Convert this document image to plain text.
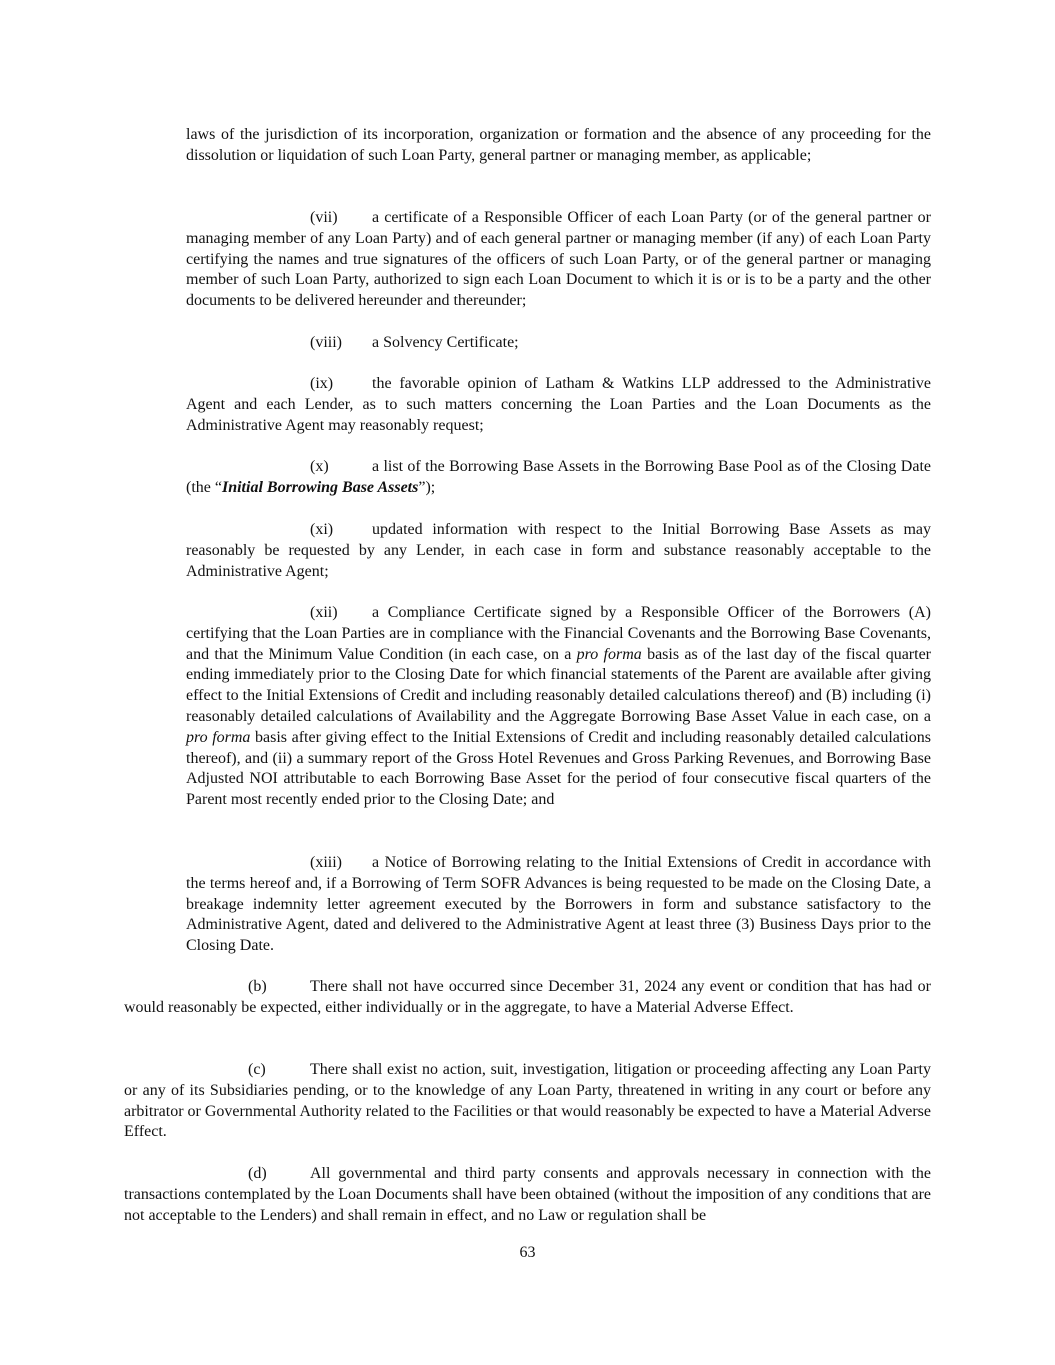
laws of the jurisdiction of its incorporation, organization or formation and the absence of any proceeding for the dissolution or liquidation of such Loan Party, general partner or managing member, as applicable;

(vii) a certificate of a Responsible Officer of each Loan Party (or of the general partner or managing member of any Loan Party) and of each general partner or managing member (if any) of each Loan Party certifying the names and true signatures of the officers of such Loan Party, or of the general partner or managing member of such Loan Party, authorized to sign each Loan Document to which it is or is to be a party and the other documents to be delivered hereunder and thereunder;

(viii) a Solvency Certificate;

(ix) the favorable opinion of Latham & Watkins LLP addressed to the Administrative Agent and each Lender, as to such matters concerning the Loan Parties and the Loan Documents as the Administrative Agent may reasonably request;

(x)	a list of the Borrowing Base Assets in the Borrowing Base Pool as of the Closing Date (the “Initial Borrowing Base Assets”);

(xi) updated information with respect to the Initial Borrowing Base Assets as may reasonably be requested by any Lender, in each case in form and substance reasonably acceptable to the Administrative Agent;

(xii) a Compliance Certificate signed by a Responsible Officer of the Borrowers (A) certifying that the Loan Parties are in compliance with the Financial Covenants and the Borrowing Base Covenants, and that the Minimum Value Condition (in each case, on a pro forma basis as of the last day of the fiscal quarter ending immediately prior to the Closing Date for which financial statements of the Parent are available after giving effect to the Initial Extensions of Credit and including reasonably detailed calculations thereof) and (B) including (i) reasonably detailed calculations of Availability and the Aggregate Borrowing Base Asset Value in each case, on a pro forma basis after giving effect to the Initial Extensions of Credit and including reasonably detailed calculations thereof), and (ii) a summary report of the Gross Hotel Revenues and Gross Parking Revenues, and Borrowing Base Adjusted NOI attributable to each Borrowing Base Asset for the period of four consecutive fiscal quarters of the Parent most recently ended prior to the Closing Date; and

(xiii) a Notice of Borrowing relating to the Initial Extensions of Credit in accordance with the terms hereof and, if a Borrowing of Term SOFR Advances is being requested to be made on the Closing Date, a breakage indemnity letter agreement executed by the Borrowers in form and substance satisfactory to the Administrative Agent, dated and delivered to the Administrative Agent at least three (3) Business Days prior to the Closing Date.

(b)	There shall not have occurred since December 31, 2024 any event or condition that has had or would reasonably be expected, either individually or in the aggregate, to have a Material Adverse Effect.

(c)	There shall exist no action, suit, investigation, litigation or proceeding affecting any Loan Party or any of its Subsidiaries pending, or to the knowledge of any Loan Party, threatened in writing in any court or before any arbitrator or Governmental Authority related to the Facilities or that would reasonably be expected to have a Material Adverse Effect.

(d)	All governmental and third party consents and approvals necessary in connection with the transactions contemplated by the Loan Documents shall have been obtained (without the imposition of any conditions that are not acceptable to the Lenders) and shall remain in effect, and no Law or regulation shall be

63
